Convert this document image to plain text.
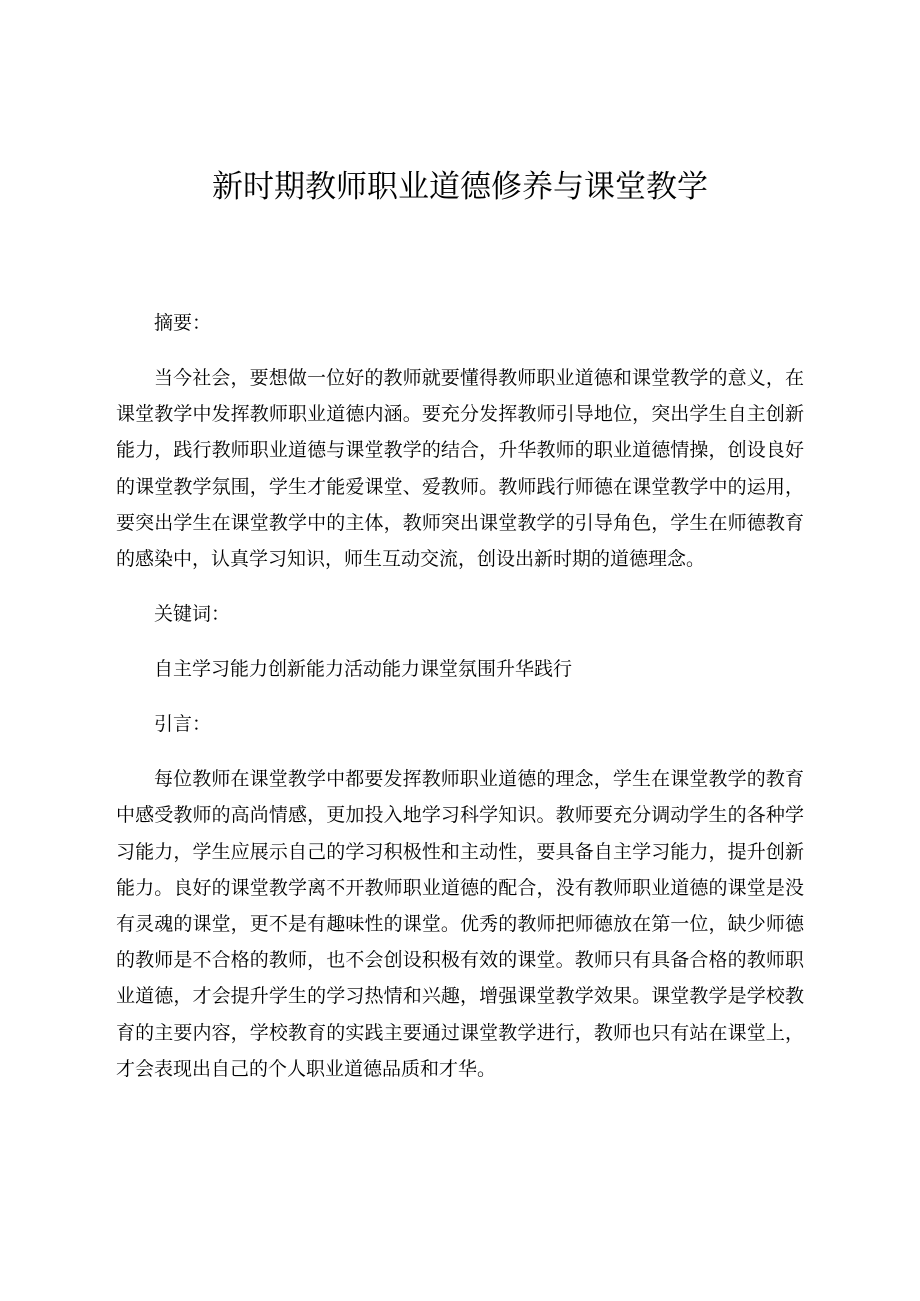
新时期教师职业道德修养与课堂教学

摘要：

当今社会，要想做一位好的教师就要懂得教师职业道德和课堂教学的意义，在课堂教学中发挥教师职业道德内涵。要充分发挥教师引导地位，突出学生自主创新能力，践行教师职业道德与课堂教学的结合，升华教师的职业道德情操，创设良好的课堂教学氛围，学生才能爱课堂、爱教师。教师践行师德在课堂教学中的运用，要突出学生在课堂教学中的主体，教师突出课堂教学的引导角色，学生在师德教育的感染中，认真学习知识，师生互动交流，创设出新时期的道德理念。

关键词：

自主学习能力创新能力活动能力课堂氛围升华践行

引言：

每位教师在课堂教学中都要发挥教师职业道德的理念，学生在课堂教学的教育中感受教师的高尚情感，更加投入地学习科学知识。教师要充分调动学生的各种学习能力，学生应展示自己的学习积极性和主动性，要具备自主学习能力，提升创新能力。良好的课堂教学离不开教师职业道德的配合，没有教师职业道德的课堂是没有灵魂的课堂，更不是有趣味性的课堂。优秀的教师把师德放在第一位，缺少师德的教师是不合格的教师，也不会创设积极有效的课堂。教师只有具备合格的教师职业道德，才会提升学生的学习热情和兴趣，增强课堂教学效果。课堂教学是学校教育的主要内容，学校教育的实践主要通过课堂教学进行，教师也只有站在课堂上，才会表现出自己的个人职业道德品质和才华。
